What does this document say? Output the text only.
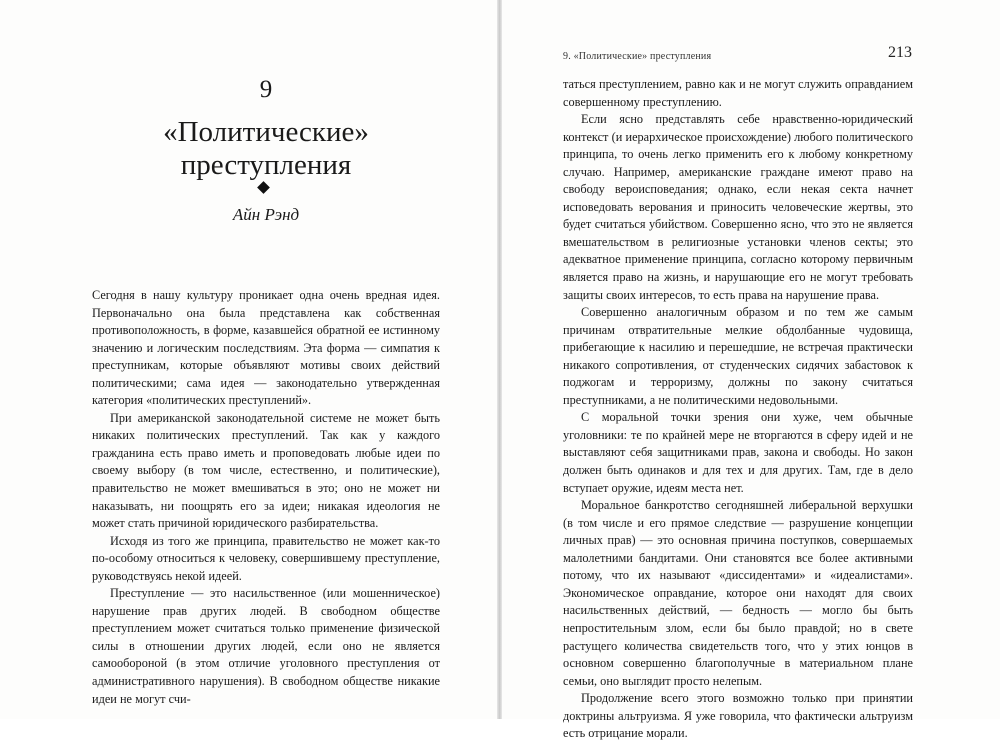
9
«Политические»
преступления
Айн Рэнд

Сегодня в нашу культуру проникает одна очень вредная идея. Первоначально она была представлена как собственная противоположность, в форме, казавшейся обратной ее истинному значению и логическим последствиям. Эта форма — симпатия к преступникам, которые объявляют мотивы своих действий политическими; сама идея — законодательно утвержденная категория «политических преступлений».

При американской законодательной системе не может быть никаких политических преступлений. Так как у каждого гражданина есть право иметь и проповедовать любые идеи по своему выбору (в том числе, естественно, и политические), правительство не может вмешиваться в это; оно не может ни наказывать, ни поощрять его за идеи; никакая идеология не может стать причиной юридического разбирательства.

Исходя из того же принципа, правительство не может как-то по-особому относиться к человеку, совершившему преступление, руководствуясь некой идеей.

Преступление — это насильственное (или мошенническое) нарушение прав других людей. В свободном обществе преступлением может считаться только применение физической силы в отношении других людей, если оно не является самообороной (в этом отличие уголовного преступления от административного нарушения). В свободном обществе никакие идеи не могут счи-

9. «Политические» преступления	213

таться преступлением, равно как и не могут служить оправданием совершенному преступлению.

Если ясно представлять себе нравственно-юридический контекст (и иерархическое происхождение) любого политического принципа, то очень легко применить его к любому конкретному случаю. Например, американские граждане имеют право на свободу вероисповедания; однако, если некая секта начнет исповедовать верования и приносить человеческие жертвы, это будет считаться убийством. Совершенно ясно, что это не является вмешательством в религиозные установки членов секты; это адекватное применение принципа, согласно которому первичным является право на жизнь, и нарушающие его не могут требовать защиты своих интересов, то есть права на нарушение права.

Совершенно аналогичным образом и по тем же самым причинам отвратительные мелкие обдолбанные чудовища, прибегающие к насилию и перешедшие, не встречая практически никакого сопротивления, от студенческих сидячих забастовок к поджогам и терроризму, должны по закону считаться преступниками, а не политическими недовольными.

С моральной точки зрения они хуже, чем обычные уголовники: те по крайней мере не вторгаются в сферу идей и не выставляют себя защитниками прав, закона и свободы. Но закон должен быть одинаков и для тех и для других. Там, где в дело вступает оружие, идеям места нет.

Моральное банкротство сегодняшней либеральной верхушки (в том числе и его прямое следствие — разрушение концепции личных прав) — это основная причина поступков, совершаемых малолетними бандитами. Они становятся все более активными потому, что их называют «диссидентами» и «идеалистами». Экономическое оправдание, которое они находят для своих насильственных действий, — бедность — могло бы быть непростительным злом, если бы было правдой; но в свете растущего количества свидетельств того, что у этих юнцов в основном совершенно благополучные в материальном плане семьи, оно выглядит просто нелепым.

Продолжение всего этого возможно только при принятии доктрины альтруизма. Я уже говорила, что фактически альтруизм есть отрицание морали.
